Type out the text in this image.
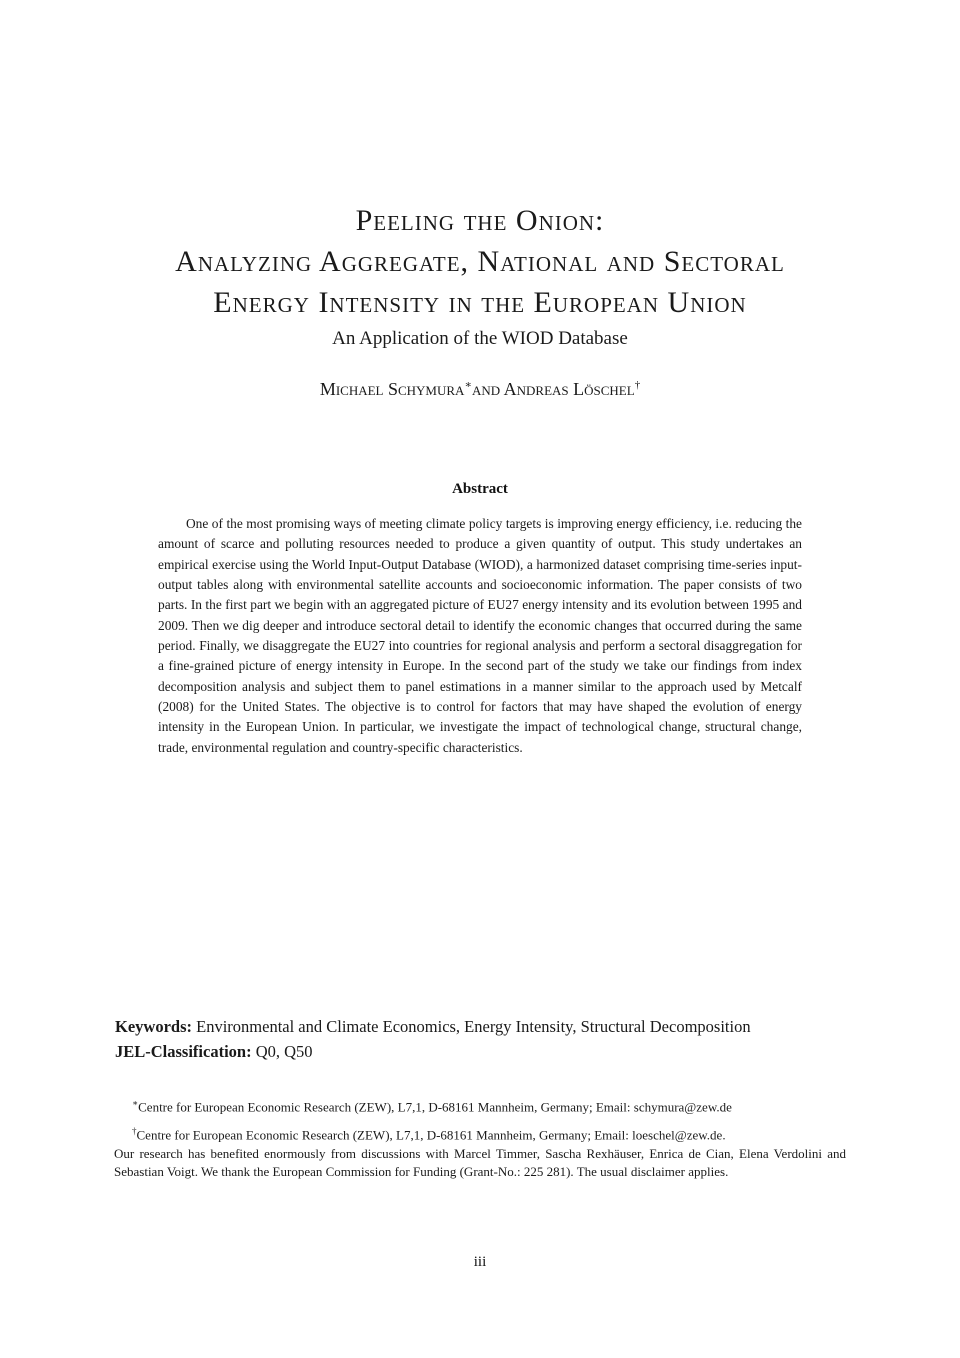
Peeling the Onion:
Analyzing Aggregate, National and Sectoral
Energy Intensity in the European Union
An Application of the WIOD Database
Michael Schymura∗and Andreas Löschel†
Abstract
One of the most promising ways of meeting climate policy targets is improving energy efficiency, i.e. reducing the amount of scarce and polluting resources needed to produce a given quantity of output. This study undertakes an empirical exercise using the World Input-Output Database (WIOD), a harmonized dataset comprising time-series input-output tables along with environmental satellite accounts and socioeconomic information. The paper consists of two parts. In the first part we begin with an aggregated picture of EU27 energy intensity and its evolution between 1995 and 2009. Then we dig deeper and introduce sectoral detail to identify the economic changes that occurred during the same period. Finally, we disaggregate the EU27 into countries for regional analysis and perform a sectoral disaggregation for a fine-grained picture of energy intensity in Europe. In the second part of the study we take our findings from index decomposition analysis and subject them to panel estimations in a manner similar to the approach used by Metcalf (2008) for the United States. The objective is to control for factors that may have shaped the evolution of energy intensity in the European Union. In particular, we investigate the impact of technological change, structural change, trade, environmental regulation and country-specific characteristics.
Keywords: Environmental and Climate Economics, Energy Intensity, Structural Decomposition
JEL-Classification: Q0, Q50
∗Centre for European Economic Research (ZEW), L7,1, D-68161 Mannheim, Germany; Email: schymura@zew.de
†Centre for European Economic Research (ZEW), L7,1, D-68161 Mannheim, Germany; Email: loeschel@zew.de.
Our research has benefited enormously from discussions with Marcel Timmer, Sascha Rexhäuser, Enrica de Cian, Elena Verdolini and Sebastian Voigt. We thank the European Commission for Funding (Grant-No.: 225 281). The usual disclaimer applies.
iii
